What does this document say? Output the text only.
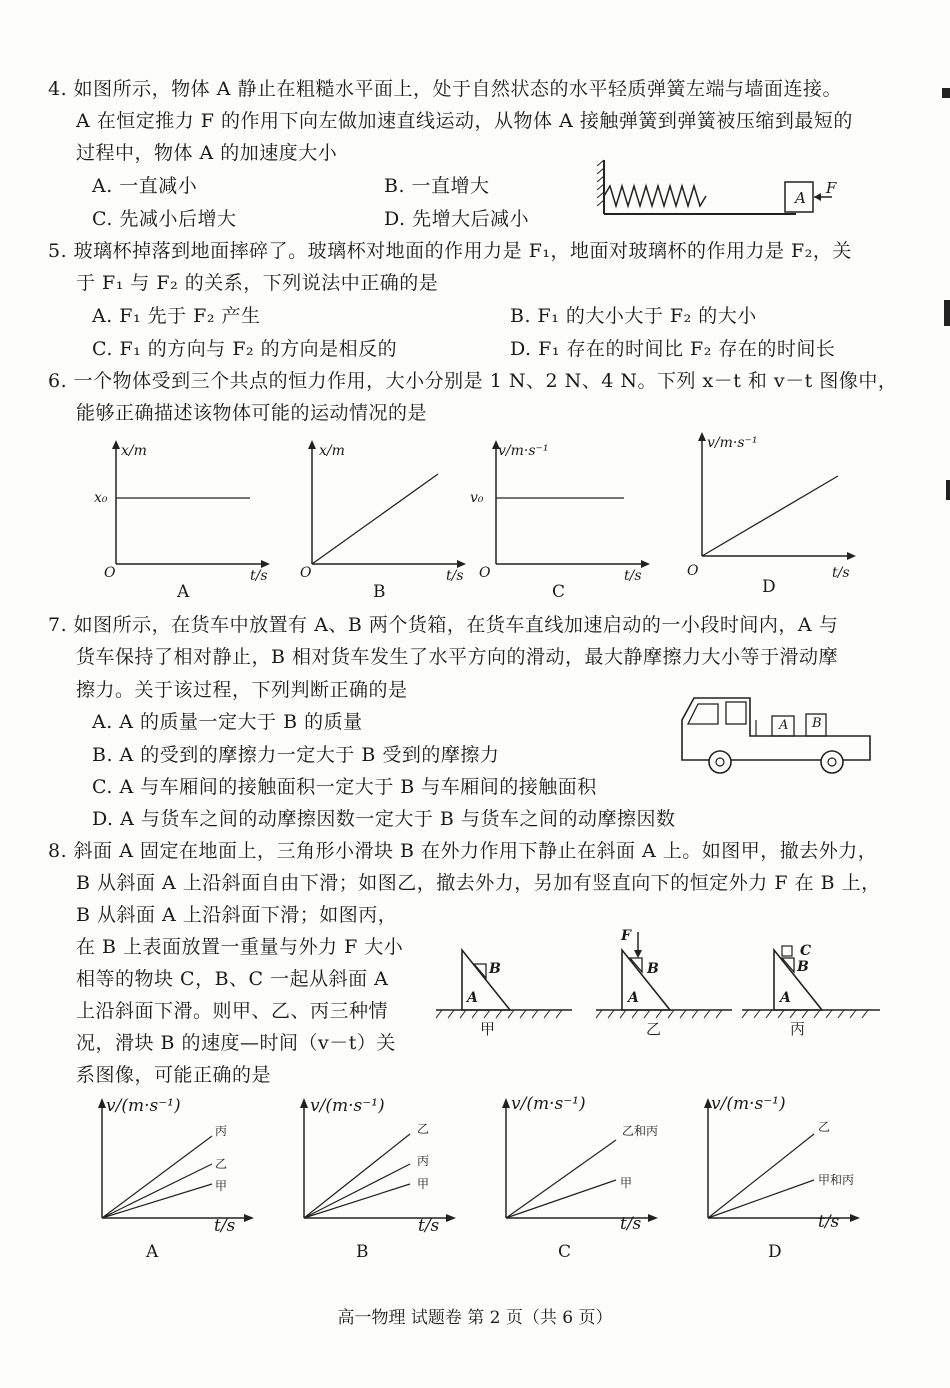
4. 如图所示，物体 A 静止在粗糙水平面上，处于自然状态的水平轻质弹簧左端与墙面连接。
A 在恒定推力 F 的作用下向左做加速直线运动，从物体 A 接触弹簧到弹簧被压缩到最短的
过程中，物体 A 的加速度大小
A. 一直减小	B. 一直增大
C. 先减小后增大	D. 先增大后减小
A
F
5. 玻璃杯掉落到地面摔碎了。玻璃杯对地面的作用力是 F₁，地面对玻璃杯的作用力是 F₂，关
于 F₁ 与 F₂ 的关系，下列说法中正确的是
A. F₁ 先于 F₂ 产生	B. F₁ 的大小大于 F₂ 的大小
C. F₁ 的方向与 F₂ 的方向是相反的	D. F₁ 存在的时间比 F₂ 存在的时间长
6. 一个物体受到三个共点的恒力作用，大小分别是 1 N、2 N、4 N。下列 x－t 和 v－t 图像中，
能够正确描述该物体可能的运动情况的是
x/m
x₀
O	t/s
A
x/m
O	t/s
B
v/m·s⁻¹
v₀
O	t/s
C
v/m·s⁻¹
O	t/s
D
7. 如图所示，在货车中放置有 A、B 两个货箱，在货车直线加速启动的一小段时间内，A 与
货车保持了相对静止，B 相对货车发生了水平方向的滑动，最大静摩擦力大小等于滑动摩
擦力。关于该过程，下列判断正确的是
A. A 的质量一定大于 B 的质量
B. A 的受到的摩擦力一定大于 B 受到的摩擦力
C. A 与车厢间的接触面积一定大于 B 与车厢间的接触面积
D. A 与货车之间的动摩擦因数一定大于 B 与货车之间的动摩擦因数
A B
8. 斜面 A 固定在地面上，三角形小滑块 B 在外力作用下静止在斜面 A 上。如图甲，撤去外力，
B 从斜面 A 上沿斜面自由下滑；如图乙，撤去外力，另加有竖直向下的恒定外力 F 在 B 上，
B 从斜面 A 上沿斜面下滑；如图丙，
在 B 上表面放置一重量与外力 F 大小
相等的物块 C，B、C 一起从斜面 A
上沿斜面下滑。则甲、乙、丙三种情
况，滑块 B 的速度—时间（v－t）关
系图像，可能正确的是
B
A
甲
F
B
A
乙
C
B
A
丙
v/(m·s⁻¹)
丙
乙
甲
t/s
A
v/(m·s⁻¹)
乙
丙
甲
t/s
B
v/(m·s⁻¹)
乙和丙
甲
t/s
C
v/(m·s⁻¹)
乙
甲和丙
t/s
D
高一物理 试题卷 第 2 页（共 6 页）
